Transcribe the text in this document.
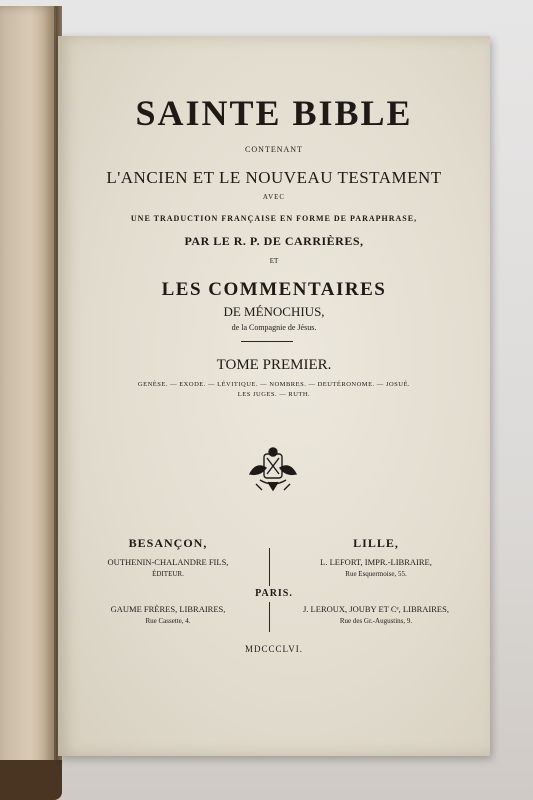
SAINTE BIBLE
CONTENANT
L'ANCIEN ET LE NOUVEAU TESTAMENT
AVEC
UNE TRADUCTION FRANÇAISE EN FORME DE PARAPHRASE,
PAR LE R. P. DE CARRIÈRES,
ET
LES COMMENTAIRES
DE MÉNOCHIUS,
de la Compagnie de Jésus.
TOME PREMIER.
GENÈSE. — EXODE. — LÉVITIQUE. — NOMBRES. — DEUTÉRONOME. — JOSUÉ.
LES JUGES. — RUTH.
BESANÇON,
OUTHENIN-CHALANDRE FILS,
ÉDITEUR.
LILLE,
L. LEFORT, IMPR.-LIBRAIRE,
Rue Esquermoise, 55.
PARIS.
GAUME FRÈRES, LIBRAIRES,
Rue Cassette, 4.
J. LEROUX, JOUBY ET Cᵉ, LIBRAIRES,
Rue des Gr.-Augustins, 9.
MDCCCLVI.
